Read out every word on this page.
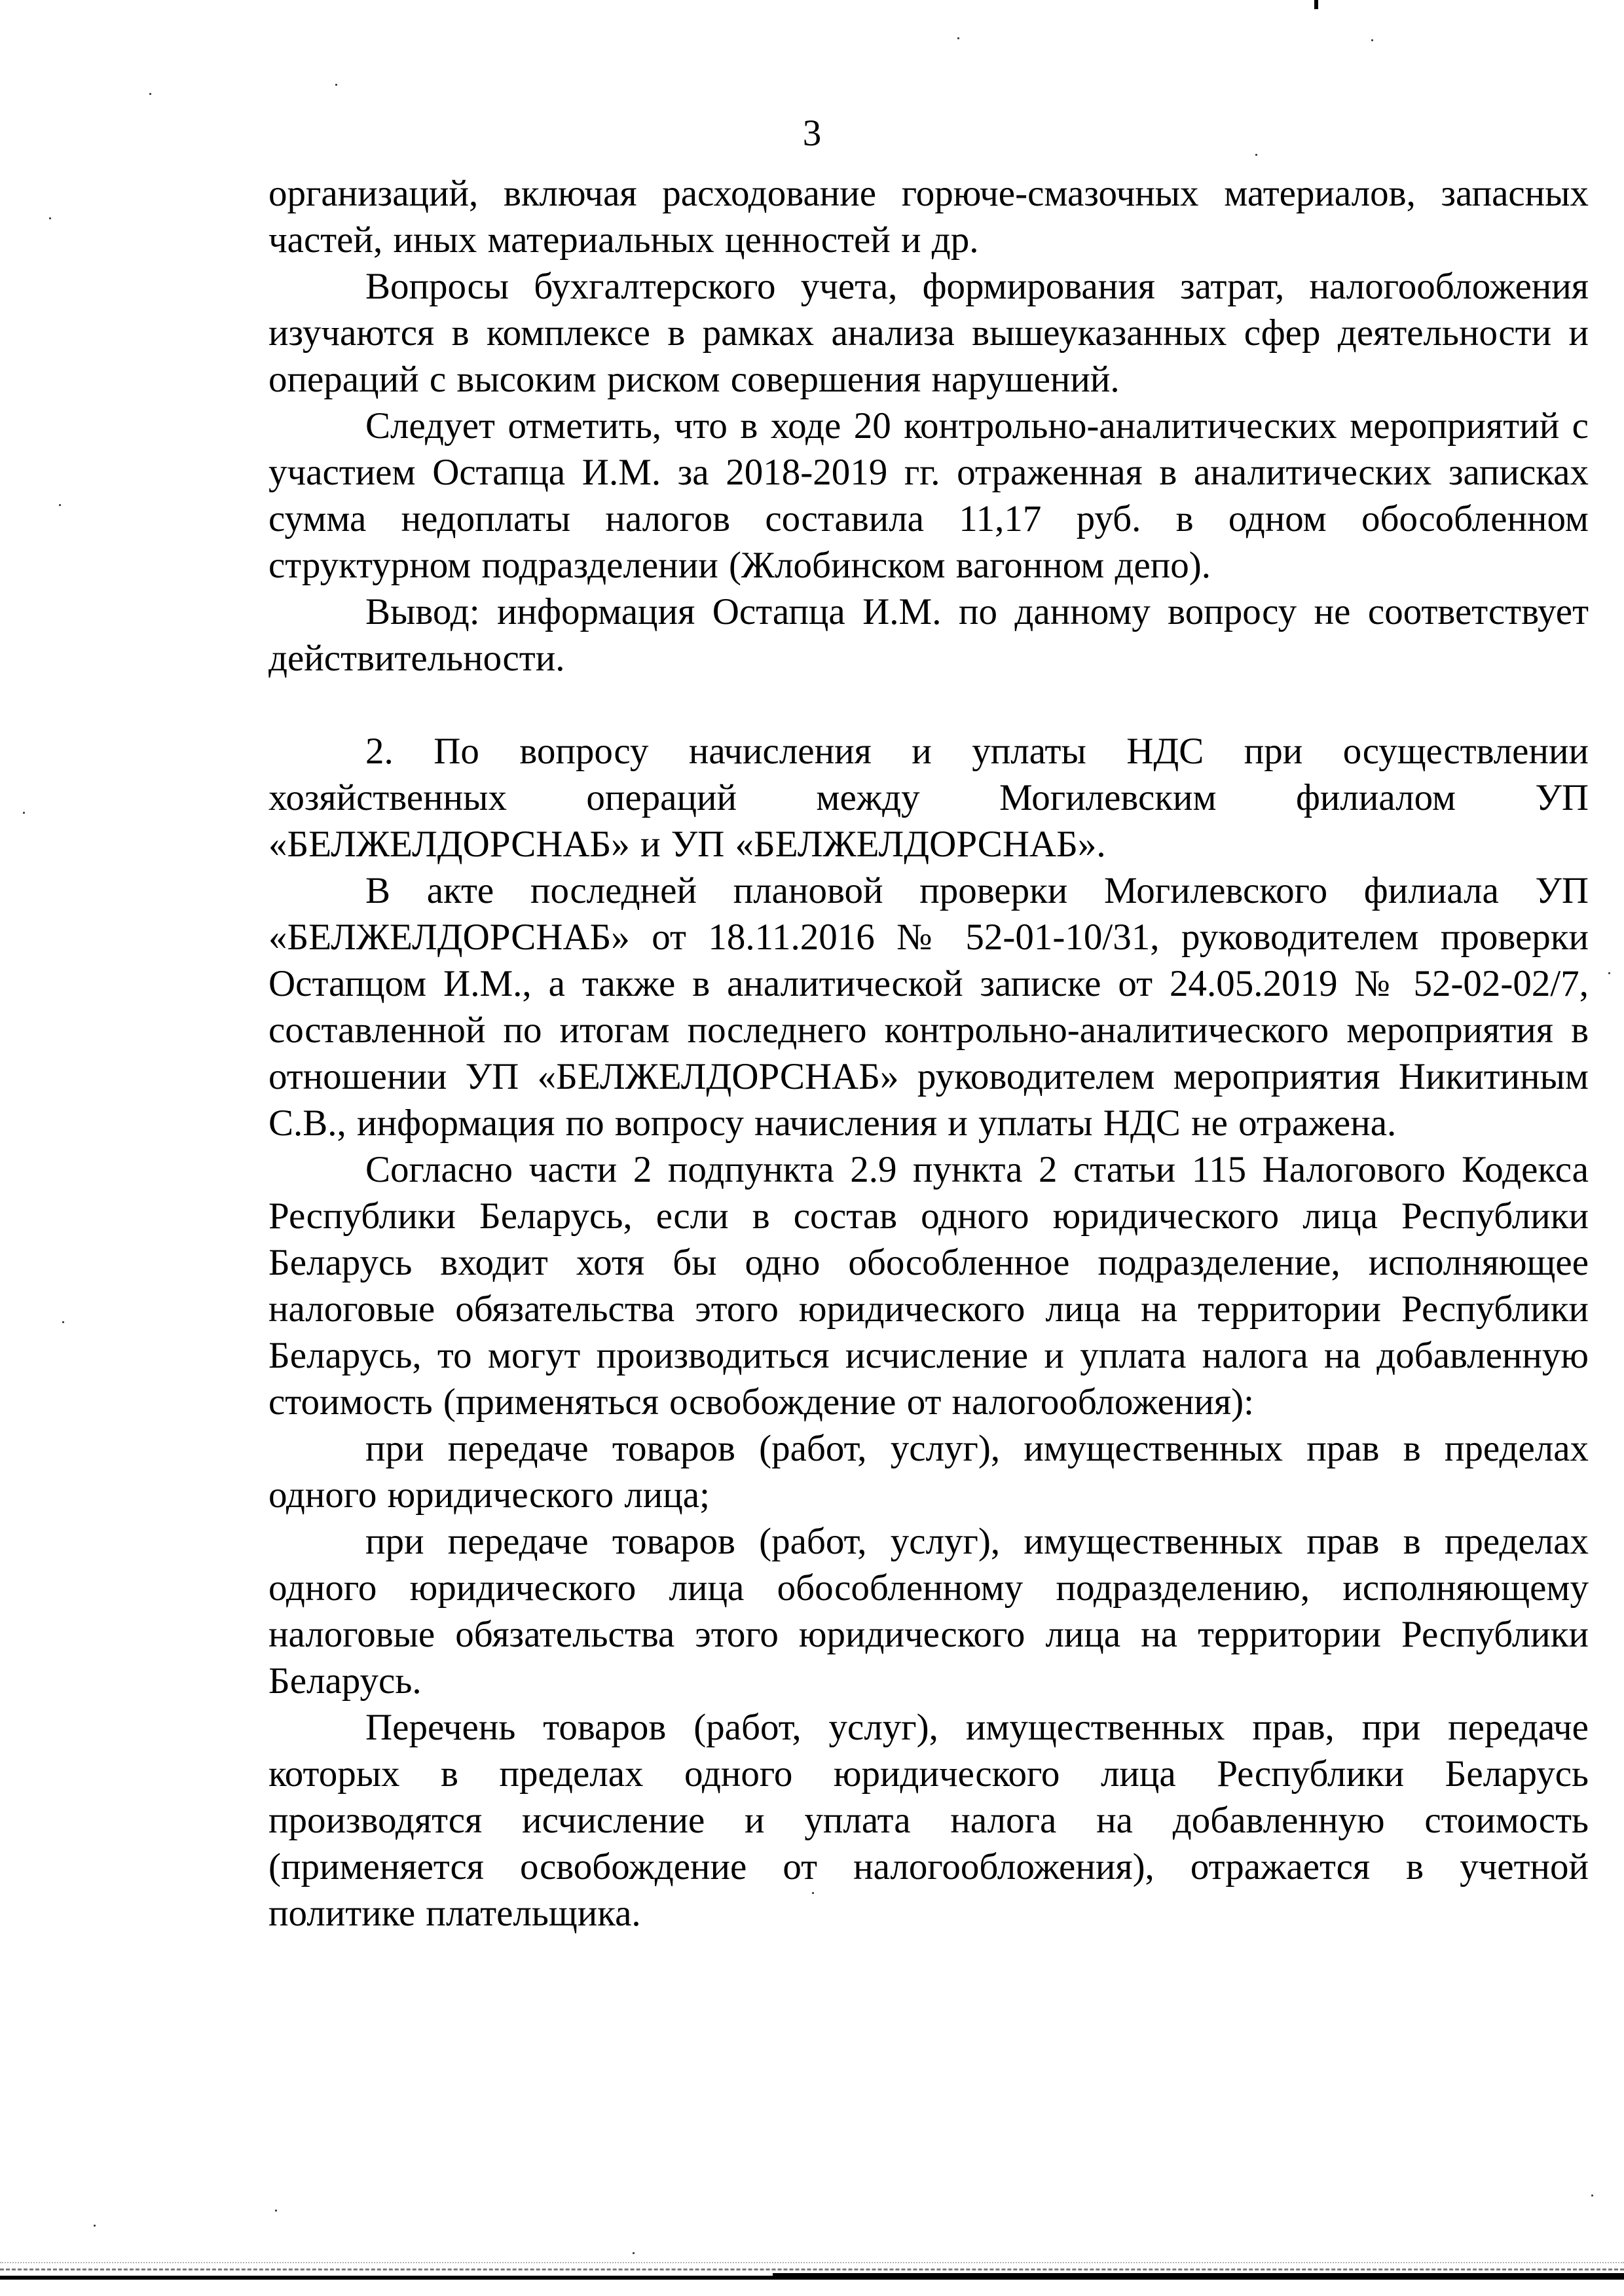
3

организаций, включая расходование горюче-смазочных материалов, запасных частей, иных материальных ценностей и др.

Вопросы бухгалтерского учета, формирования затрат, налогообложения изучаются в комплексе в рамках анализа вышеуказанных сфер деятельности и операций с высоким риском совершения нарушений.

Следует отметить, что в ходе 20 контрольно-аналитических мероприятий с участием Остапца И.М. за 2018-2019 гг. отраженная в аналитических записках сумма недоплаты налогов составила 11,17 руб. в одном обособленном структурном подразделении (Жлобинском вагонном депо).

Вывод: информация Остапца И.М. по данному вопросу не соответствует действительности.

2. По вопросу начисления и уплаты НДС при осуществлении хозяйственных операций между Могилевским филиалом УП «БЕЛЖЕЛДОРСНАБ» и УП «БЕЛЖЕЛДОРСНАБ».

В акте последней плановой проверки Могилевского филиала УП «БЕЛЖЕЛДОРСНАБ» от 18.11.2016 № 52-01-10/31, руководителем проверки Остапцом И.М., а также в аналитической записке от 24.05.2019 № 52-02-02/7, составленной по итогам последнего контрольно-аналитического мероприятия в отношении УП «БЕЛЖЕЛДОРСНАБ» руководителем мероприятия Никитиным С.В., информация по вопросу начисления и уплаты НДС не отражена.

Согласно части 2 подпункта 2.9 пункта 2 статьи 115 Налогового Кодекса Республики Беларусь, если в состав одного юридического лица Республики Беларусь входит хотя бы одно обособленное подразделение, исполняющее налоговые обязательства этого юридического лица на территории Республики Беларусь, то могут производиться исчисление и уплата налога на добавленную стоимость (применяться освобождение от налогообложения):

при передаче товаров (работ, услуг), имущественных прав в пределах одного юридического лица;

при передаче товаров (работ, услуг), имущественных прав в пределах одного юридического лица обособленному подразделению, исполняющему налоговые обязательства этого юридического лица на территории Республики Беларусь.

Перечень товаров (работ, услуг), имущественных прав, при передаче которых в пределах одного юридического лица Республики Беларусь производятся исчисление и уплата налога на добавленную стоимость (применяется освобождение от налогообложения), отражается в учетной политике плательщика.
